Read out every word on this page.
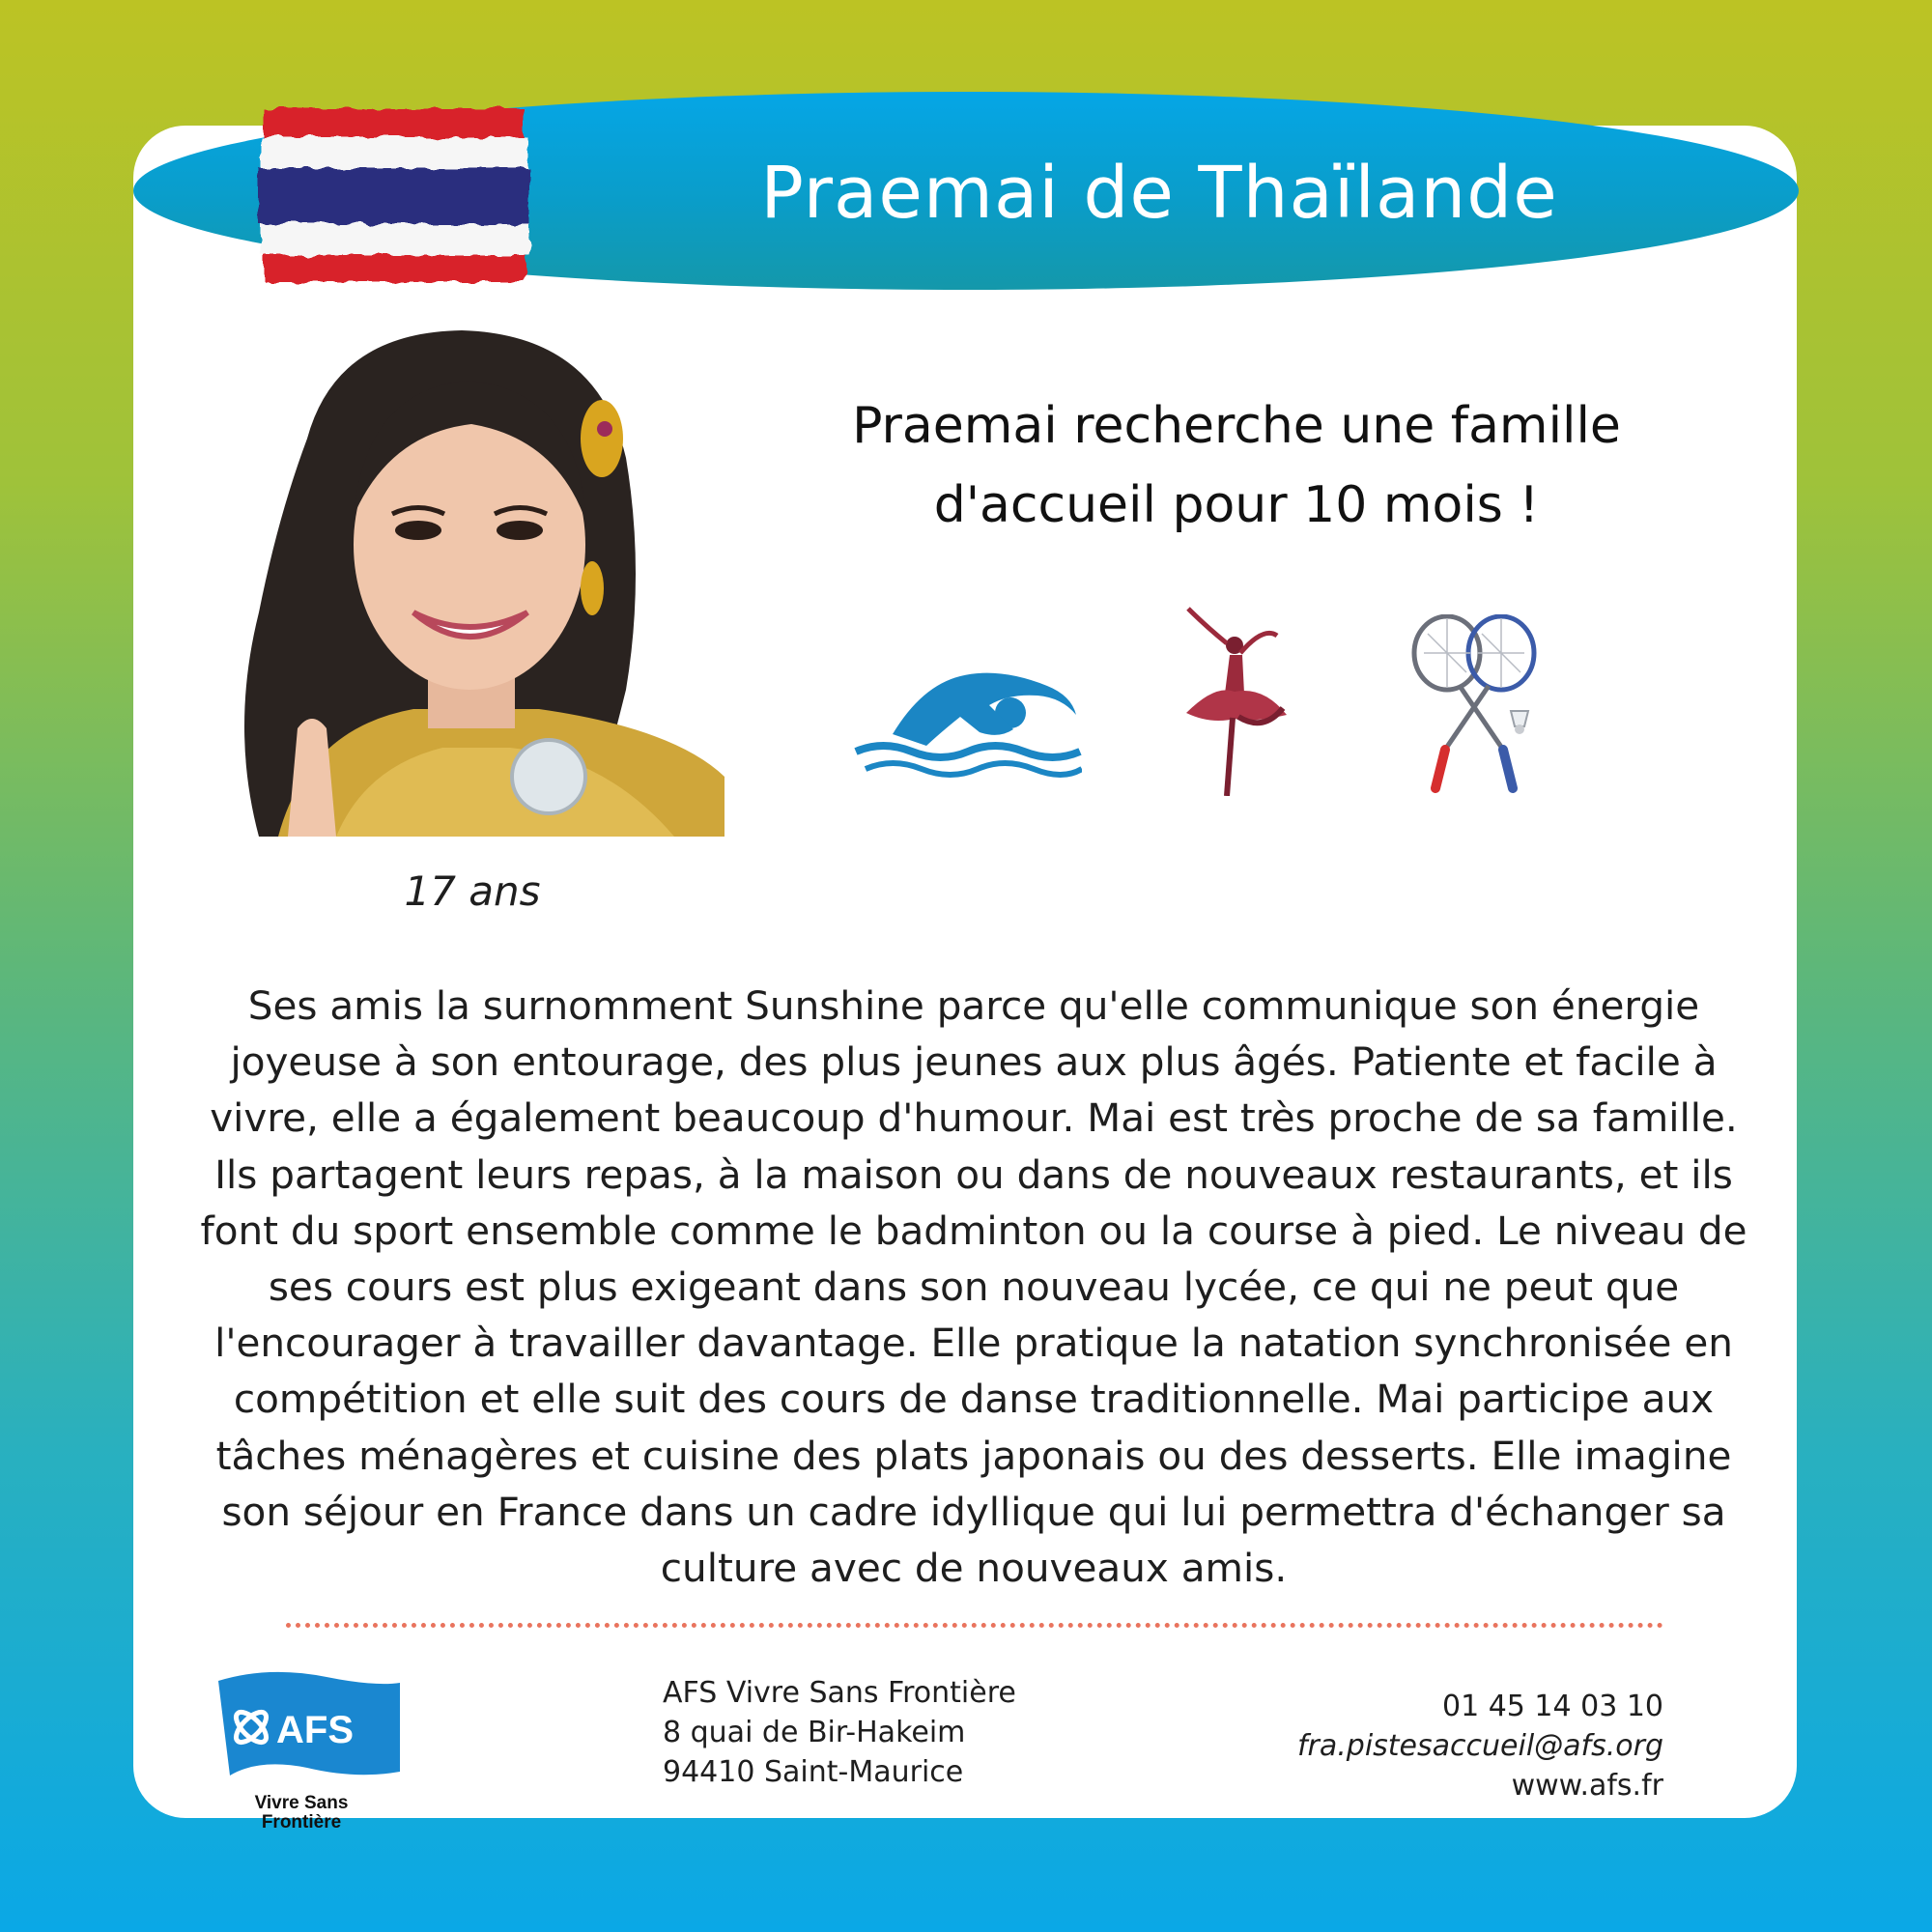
Praemai de Thaïlande
17 ans
Praemai recherche une famille
d'accueil pour 10 mois !
Ses amis la surnomment Sunshine parce qu'elle communique son énergie joyeuse à son entourage, des plus jeunes aux plus âgés. Patiente et facile à vivre, elle a également beaucoup d'humour. Mai est très proche de sa famille. Ils partagent leurs repas, à la maison ou dans de nouveaux restaurants, et ils font du sport ensemble comme le badminton ou la course à pied. Le niveau de ses cours est plus exigeant dans son nouveau lycée, ce qui ne peut que l'encourager à travailler davantage. Elle pratique la natation synchronisée en compétition et elle suit des cours de danse traditionnelle. Mai participe aux tâches ménagères et cuisine des plats japonais ou des desserts. Elle imagine son séjour en France dans un cadre idyllique qui lui permettra d'échanger sa culture avec de nouveaux amis.
AFS
Vivre Sans
Frontière
AFS Vivre Sans Frontière
8 quai de Bir-Hakeim
94410 Saint-Maurice
01 45 14 03 10
fra.pistesaccueil@afs.org
www.afs.fr
